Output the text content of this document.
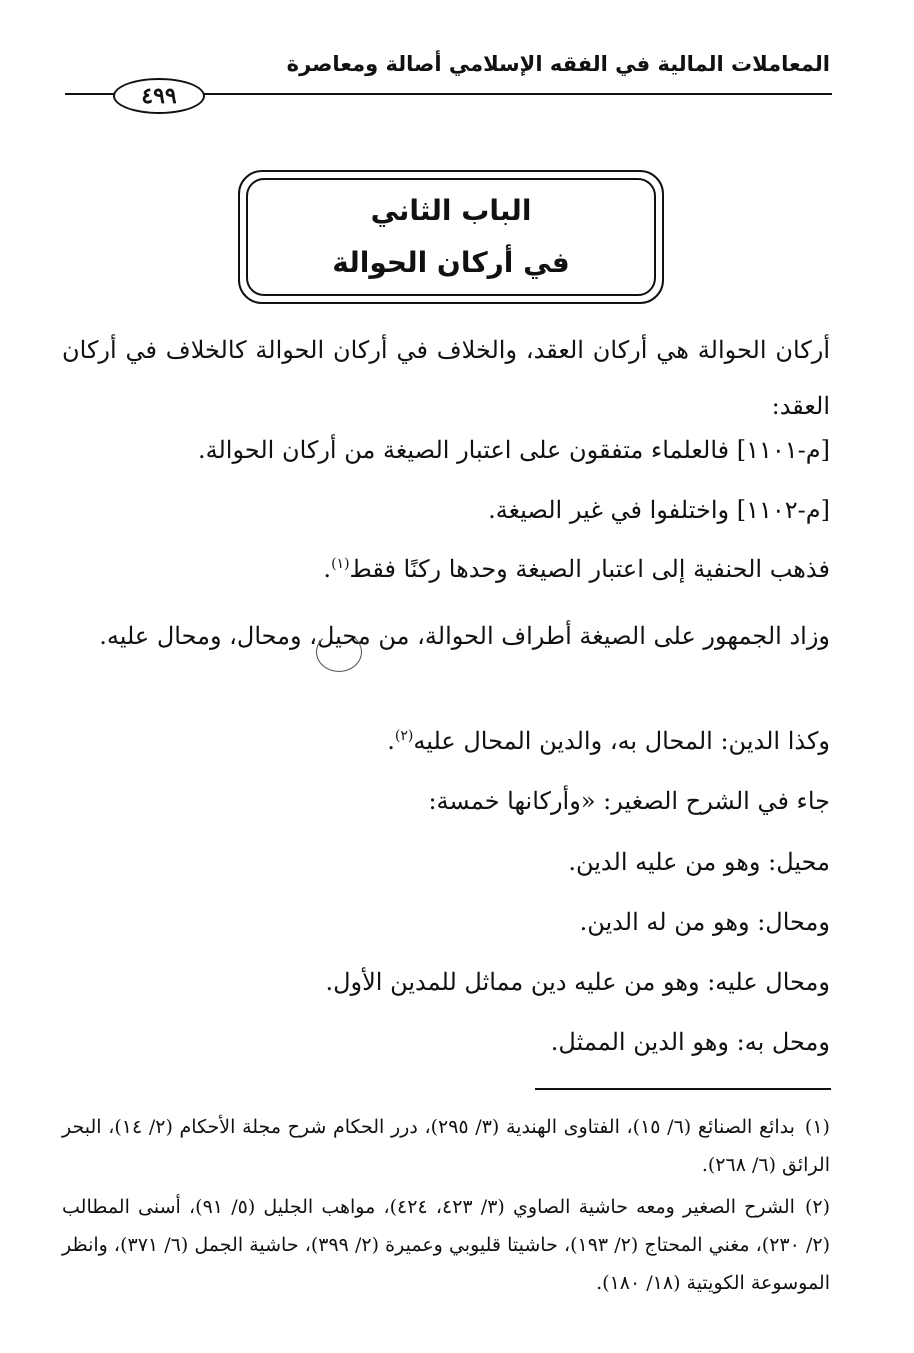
المعاملات المالية في الفقه الإسلامي أصالة ومعاصرة
٤٩٩
الباب الثاني
في أركان الحوالة
أركان الحوالة هي أركان العقد، والخلاف في أركان الحوالة كالخلاف في أركان العقد:
[م-١١٠١] فالعلماء متفقون على اعتبار الصيغة من أركان الحوالة.
[م-١١٠٢] واختلفوا في غير الصيغة.
فذهب الحنفية إلى اعتبار الصيغة وحدها ركنًا فقط$^{(١)}$.
وزاد الجمهور على الصيغة أطراف الحوالة، من محيل، ومحال، ومحال عليه.
وكذا الدين: المحال به، والدين المحال عليه$^{(٢)}$.
جاء في الشرح الصغير: «وأركانها خمسة:
محيل: وهو من عليه الدين.
ومحال: وهو من له الدين.
ومحال عليه: وهو من عليه دين مماثل للمدين الأول.
ومحل به: وهو الدين الممثل.
(١)بدائع الصنائع (٦/ ١٥)، الفتاوى الهندية (٣/ ٢٩٥)، درر الحكام شرح مجلة الأحكام (٢/ ١٤)، البحر الرائق (٦/ ٢٦٨).
(٢)الشرح الصغير ومعه حاشية الصاوي (٣/ ٤٢٣، ٤٢٤)، مواهب الجليل (٥/ ٩١)، أسنى المطالب (٢/ ٢٣٠)، مغني المحتاج (٢/ ١٩٣)، حاشيتا قليوبي وعميرة (٢/ ٣٩٩)، حاشية الجمل (٦/ ٣٧١)، وانظر الموسوعة الكويتية (١٨/ ١٨٠).
